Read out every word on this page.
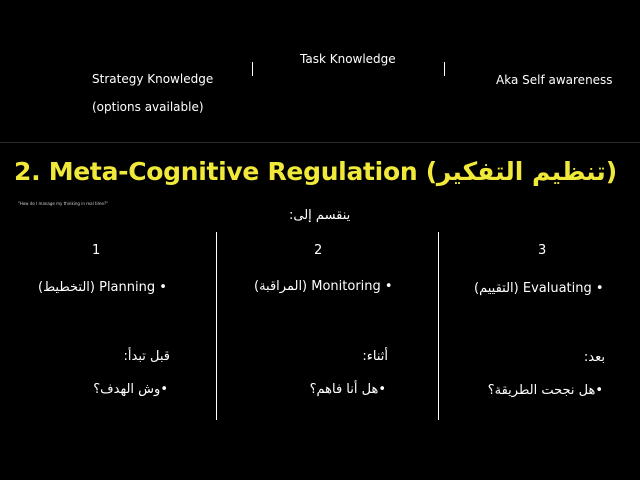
Strategy Knowledge
(options available)
Task Knowledge
Aka Self awareness
2. Meta-Cognitive Regulation (تنظيم التفكير)
"How do I manage my thinking in real time?"
ينقسم إلى:
1
(التخطيط) Planning •
قبل تبدأ:
•وش الهدف؟
2
(المراقبة) Monitoring •
أثناء:
•هل أنا فاهم؟
3
(التقييم) Evaluating •
بعد:
•هل نجحت الطريقة؟
